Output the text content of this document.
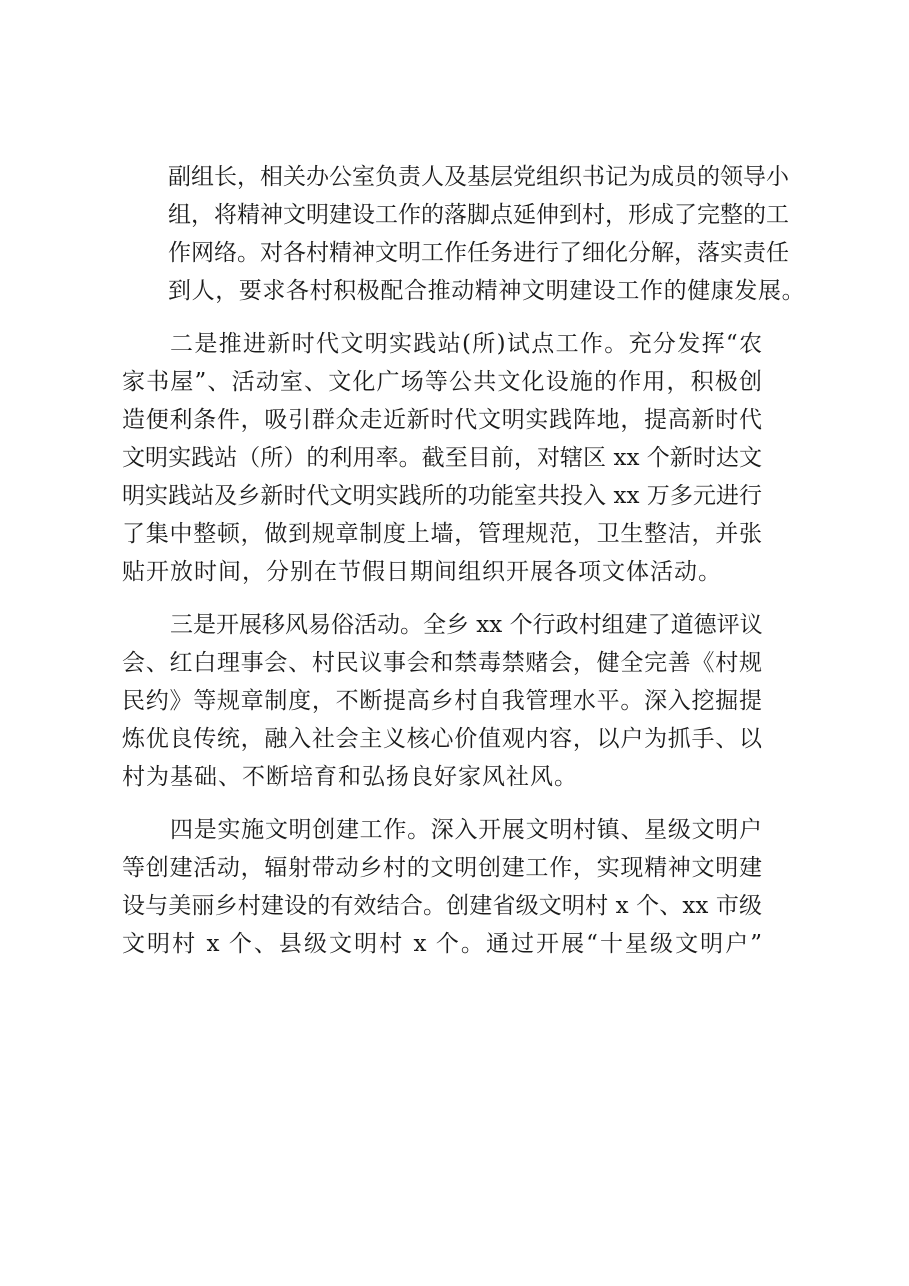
副组长，相关办公室负责人及基层党组织书记为成员的领导小
组，将精神文明建设工作的落脚点延伸到村，形成了完整的工
作网络。对各村精神文明工作任务进行了细化分解，落实责任
到人，要求各村积极配合推动精神文明建设工作的健康发展。
二是推进新时代文明实践站(所)试点工作。充分发挥“农
家书屋”、活动室、文化广场等公共文化设施的作用，积极创
造便利条件，吸引群众走近新时代文明实践阵地，提高新时代
文明实践站（所）的利用率。截至目前，对辖区 xx 个新时达文
明实践站及乡新时代文明实践所的功能室共投入 xx 万多元进行
了集中整顿，做到规章制度上墙，管理规范，卫生整洁，并张
贴开放时间，分别在节假日期间组织开展各项文体活动。
三是开展移风易俗活动。全乡 xx 个行政村组建了道德评议
会、红白理事会、村民议事会和禁毒禁赌会，健全完善《村规
民约》等规章制度，不断提高乡村自我管理水平。深入挖掘提
炼优良传统，融入社会主义核心价值观内容，以户为抓手、以
村为基础、不断培育和弘扬良好家风社风。
四是实施文明创建工作。深入开展文明村镇、星级文明户
等创建活动，辐射带动乡村的文明创建工作，实现精神文明建
设与美丽乡村建设的有效结合。创建省级文明村 x 个、xx 市级
文明村 x 个、县级文明村 x 个。通过开展“十星级文明户”
